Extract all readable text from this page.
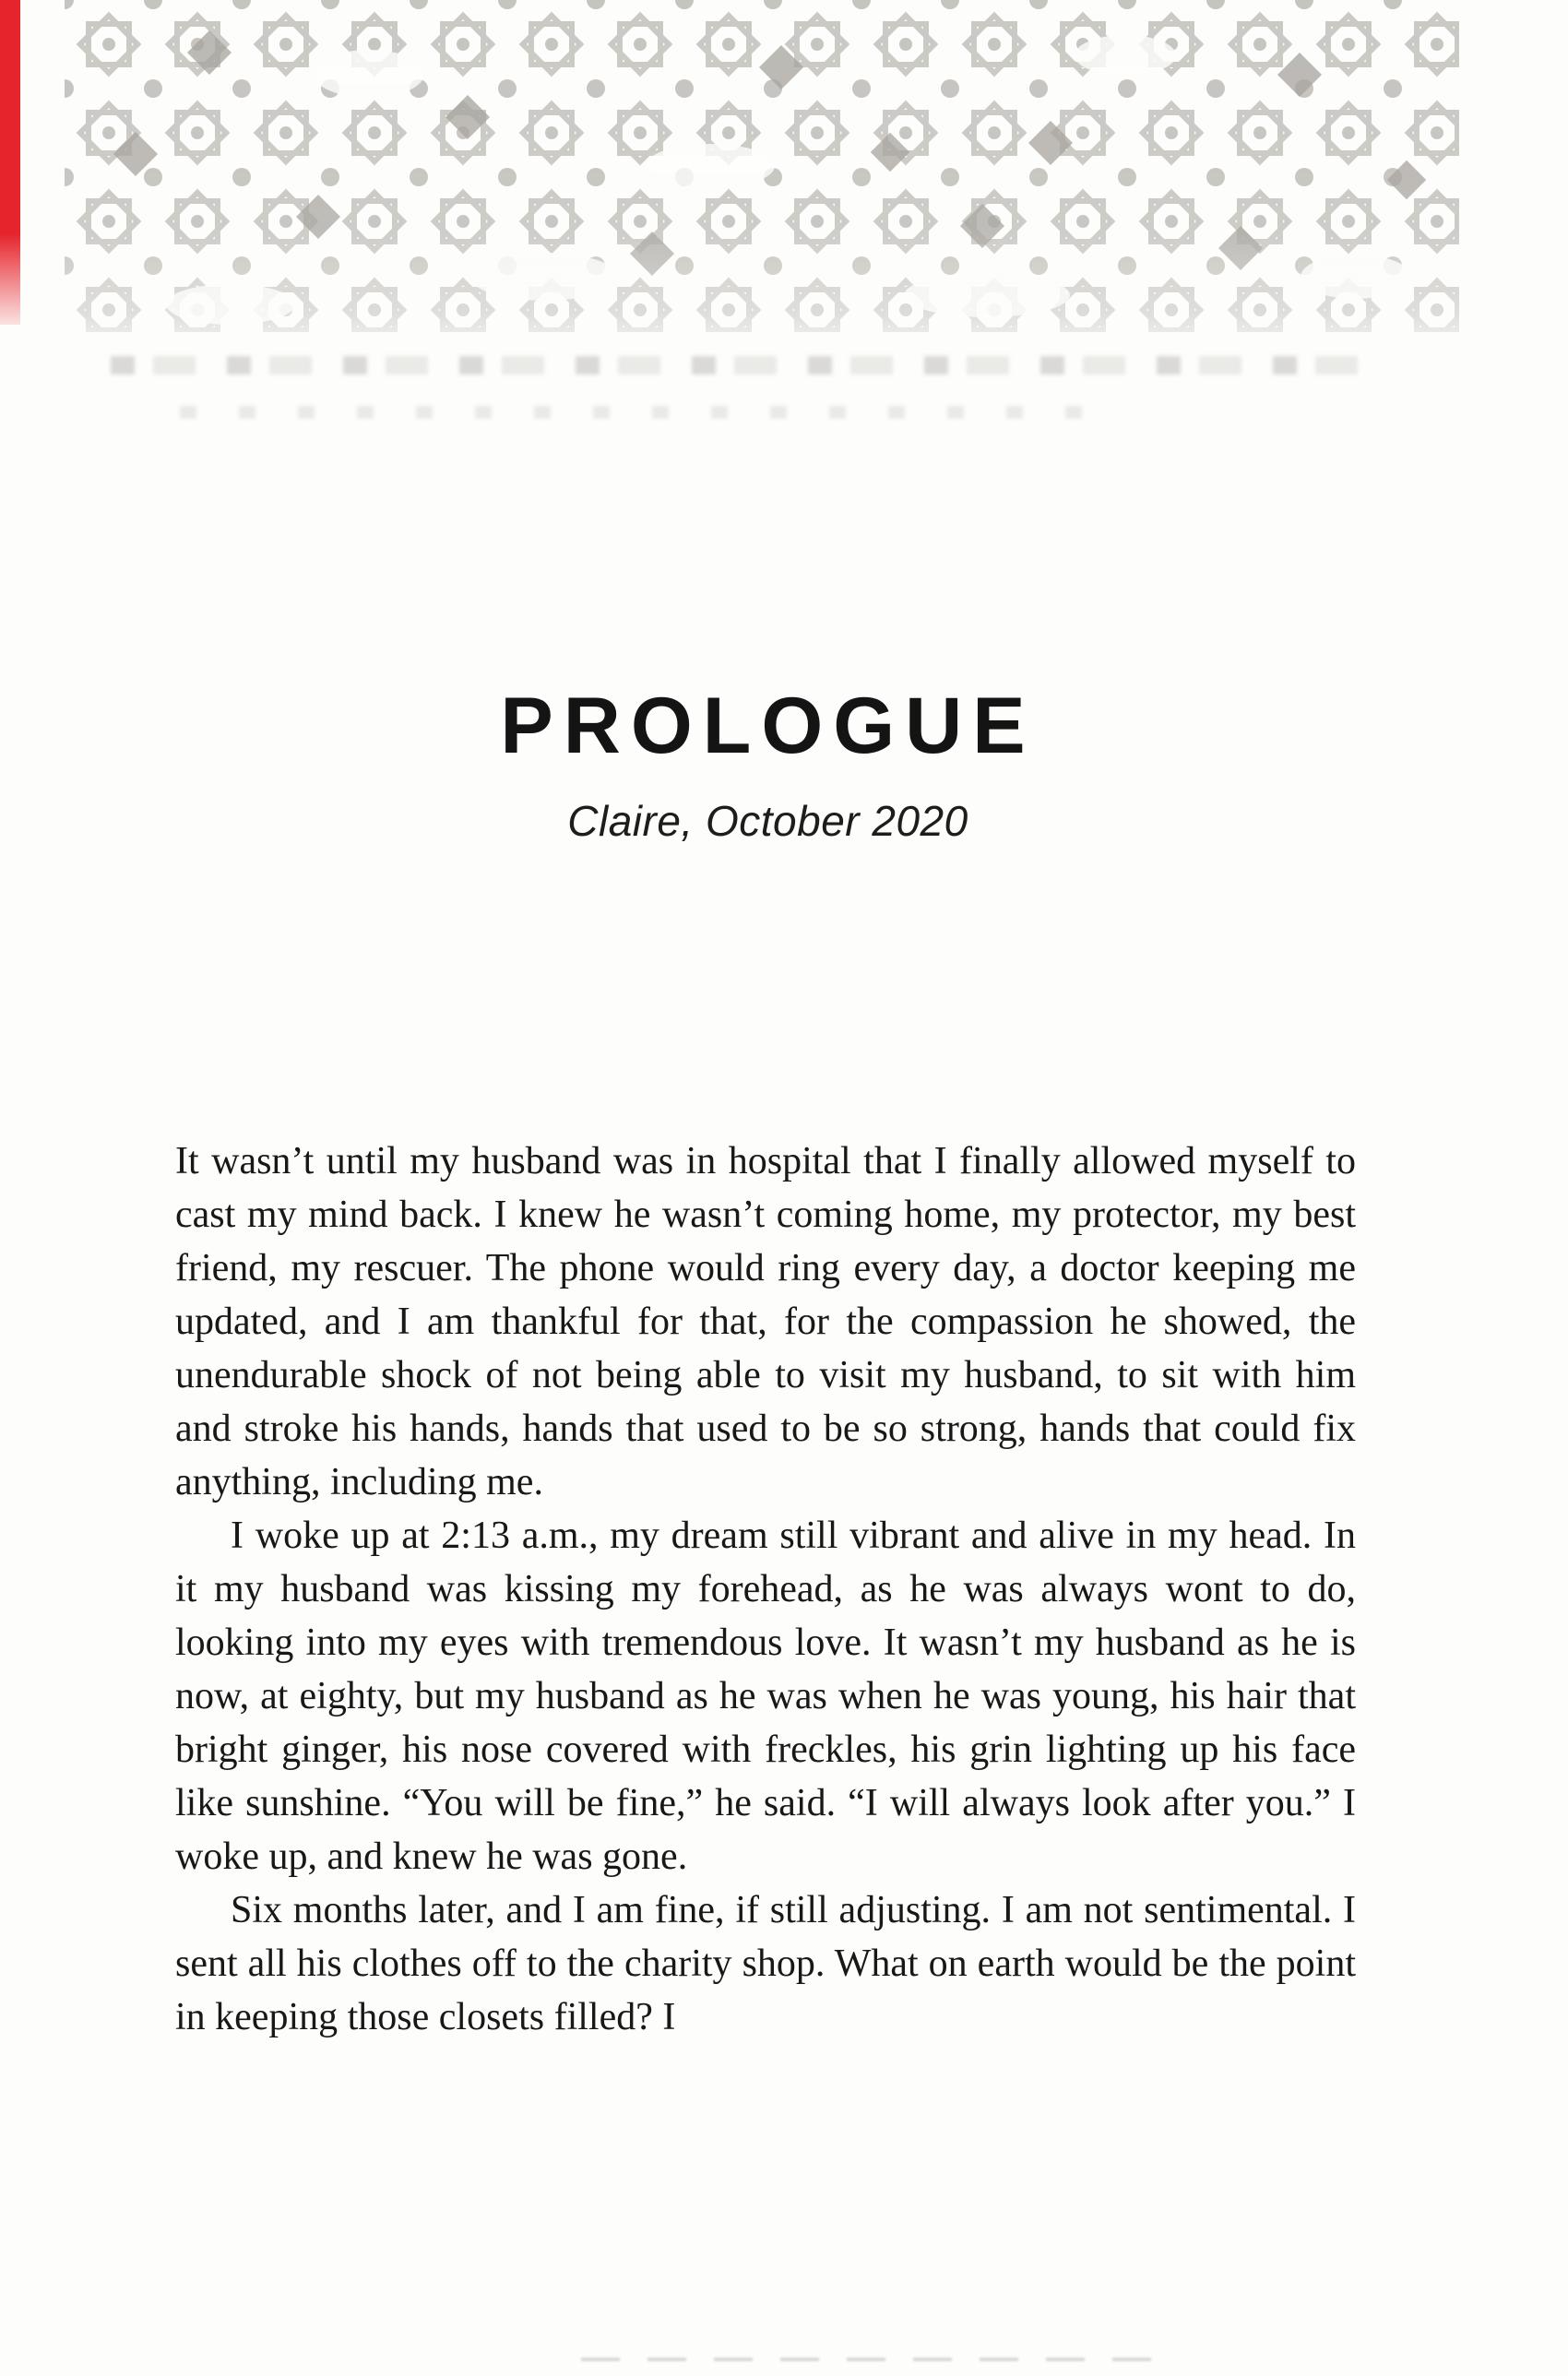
PROLOGUE
Claire, October 2020

It wasn’t until my husband was in hospital that I finally allowed myself to cast my mind back. I knew he wasn’t coming home, my protector, my best friend, my rescuer. The phone would ring every day, a doctor keeping me updated, and I am thankful for that, for the compassion he showed, the unendurable shock of not being able to visit my husband, to sit with him and stroke his hands, hands that used to be so strong, hands that could fix anything, including me.

I woke up at 2:13 a.m., my dream still vibrant and alive in my head. In it my husband was kissing my forehead, as he was always wont to do, looking into my eyes with tremendous love. It wasn’t my husband as he is now, at eighty, but my husband as he was when he was young, his hair that bright ginger, his nose covered with freckles, his grin lighting up his face like sunshine. “You will be fine,” he said. “I will always look after you.” I woke up, and knew he was gone.

Six months later, and I am fine, if still adjusting. I am not sentimental. I sent all his clothes off to the charity shop. What on earth would be the point in keeping those closets filled? I
